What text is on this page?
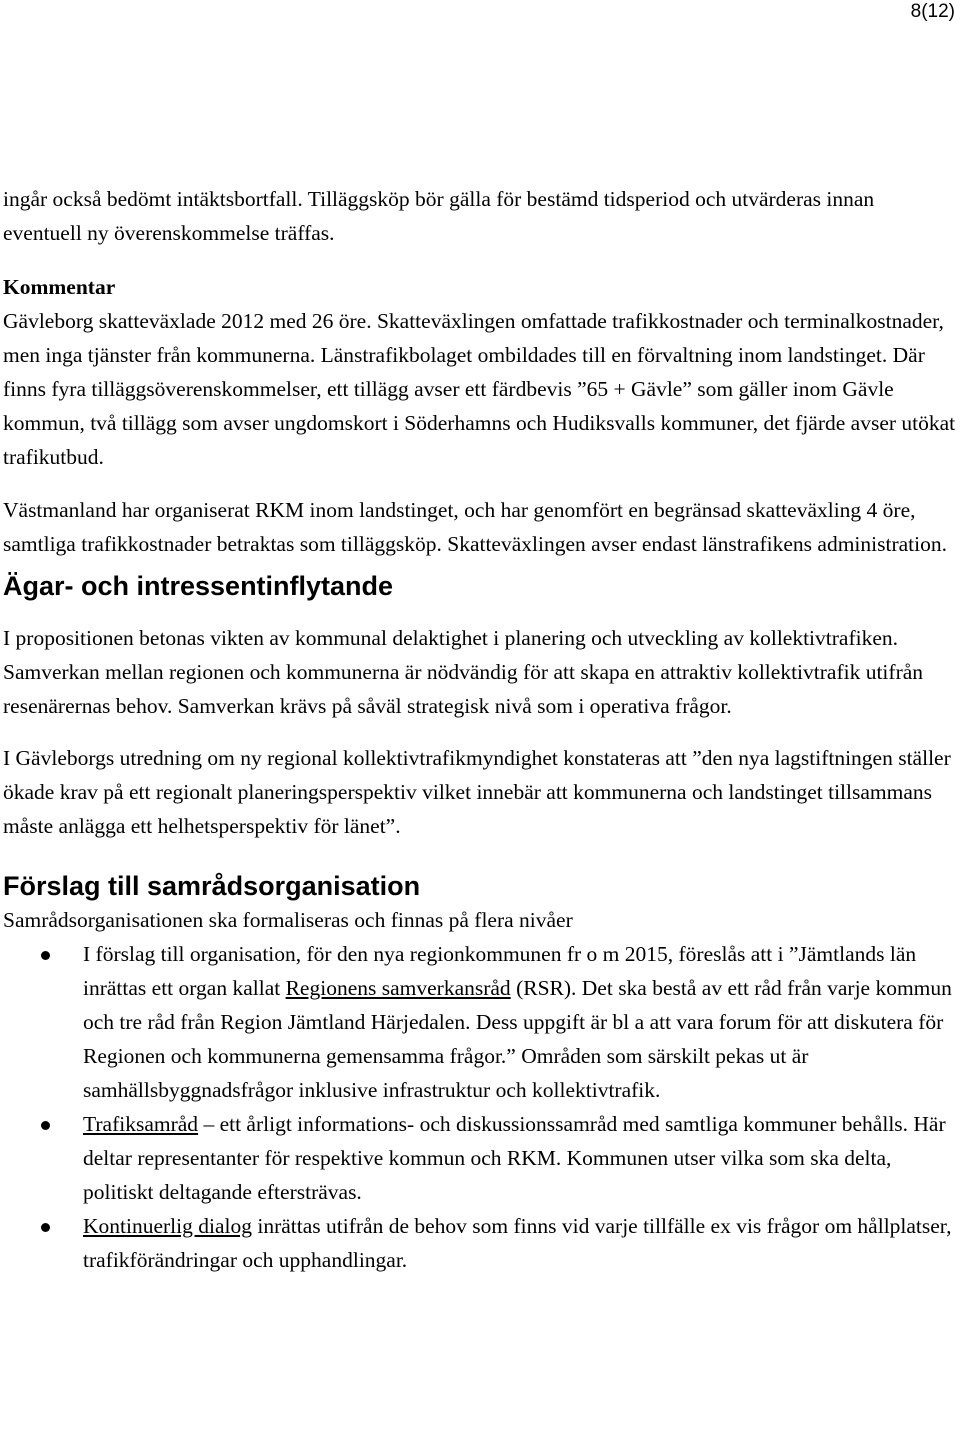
8(12)

ingår också bedömt intäktsbortfall. Tilläggsköp bör gälla för bestämd tidsperiod och utvärderas innan eventuell ny överenskommelse träffas.

Kommentar

Gävleborg skatteväxlade 2012 med 26 öre. Skatteväxlingen omfattade trafikkostnader och terminalkostnader, men inga tjänster från kommunerna. Länstrafikbolaget ombildades till en förvaltning inom landstinget. Där finns fyra tilläggsöverenskommelser, ett tillägg avser ett färdbevis ”65 + Gävle” som gäller inom Gävle kommun, två tillägg som avser ungdomskort i Söderhamns och Hudiksvalls kommuner, det fjärde avser utökat trafikutbud.

Västmanland har organiserat RKM inom landstinget, och har genomfört en begränsad skatteväxling 4 öre, samtliga trafikkostnader betraktas som tilläggsköp. Skatteväxlingen avser endast länstrafikens administration.

Ägar- och intressentinflytande

I propositionen betonas vikten av kommunal delaktighet i planering och utveckling av kollektivtrafiken. Samverkan mellan regionen och kommunerna är nödvändig för att skapa en attraktiv kollektivtrafik utifrån resenärernas behov. Samverkan krävs på såväl strategisk nivå som i operativa frågor.

I Gävleborgs utredning om ny regional kollektivtrafikmyndighet konstateras att ”den nya lagstiftningen ställer ökade krav på ett regionalt planeringsperspektiv vilket innebär att kommunerna och landstinget tillsammans måste anlägga ett helhetsperspektiv för länet”.

Förslag till samrådsorganisation

Samrådsorganisationen ska formaliseras och finnas på flera nivåer

I förslag till organisation, för den nya regionkommunen fr o m 2015, föreslås att i ”Jämtlands län inrättas ett organ kallat Regionens samverkansråd (RSR). Det ska bestå av ett råd från varje kommun och tre råd från Region Jämtland Härjedalen. Dess uppgift är bl a att vara forum för att diskutera för Regionen och kommunerna gemensamma frågor.” Områden som särskilt pekas ut är samhällsbyggnadsfrågor inklusive infrastruktur och kollektivtrafik.
Trafiksamråd – ett årligt informations- och diskussionssamråd med samtliga kommuner behålls. Här deltar representanter för respektive kommun och RKM. Kommunen utser vilka som ska delta, politiskt deltagande eftersträvas.
Kontinuerlig dialog inrättas utifrån de behov som finns vid varje tillfälle ex vis frågor om hållplatser, trafikförändringar och upphandlingar.
